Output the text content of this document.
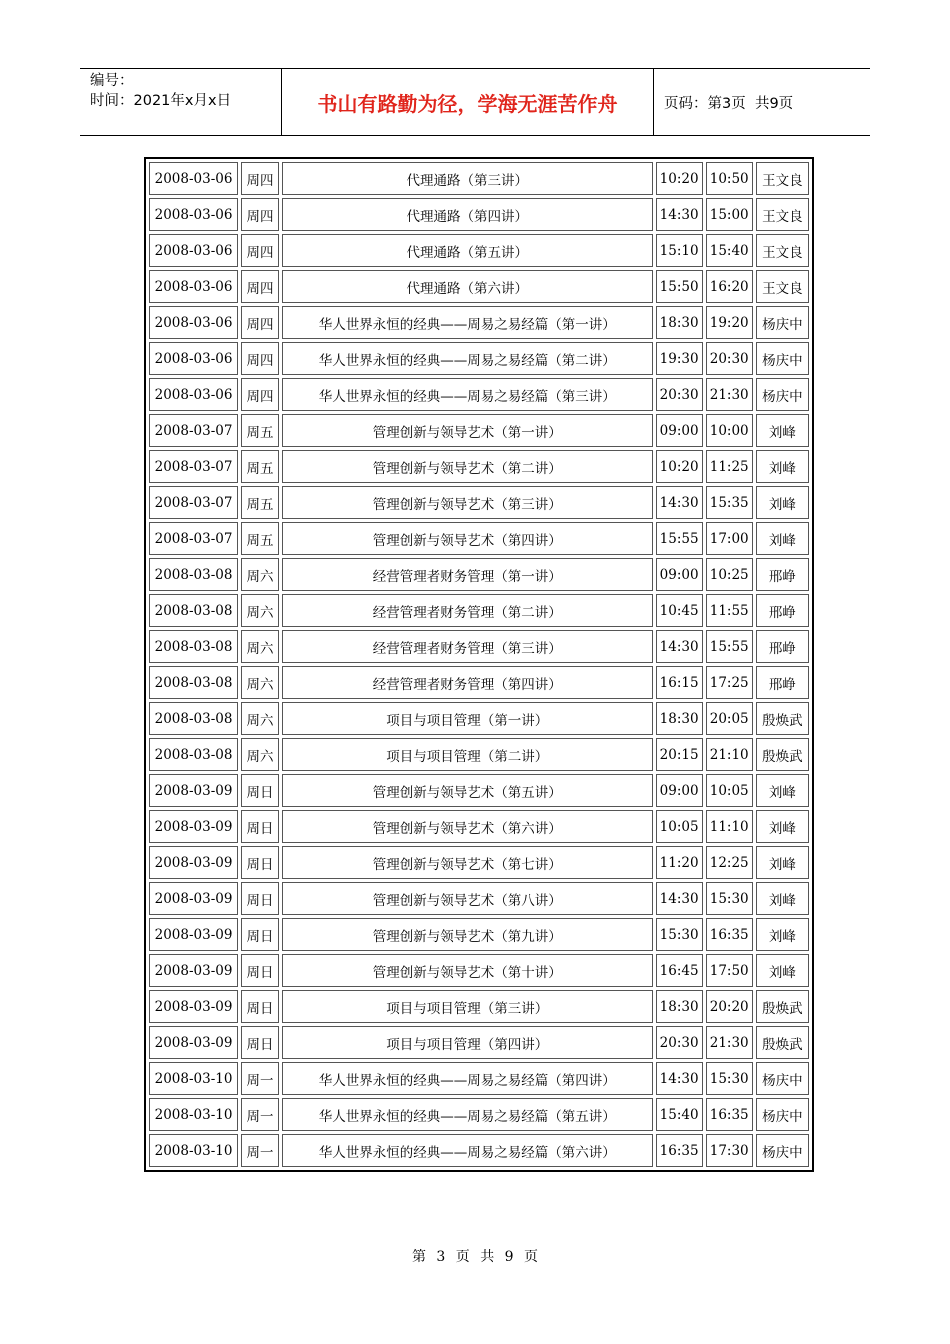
编号：
时间：2021年x月x日	书山有路勤为径，学海无涯苦作舟	页码：第3页  共9页
2008-03-06	周四	代理通路（第三讲）	10:20	10:50	王文良
2008-03-06	周四	代理通路（第四讲）	14:30	15:00	王文良
2008-03-06	周四	代理通路（第五讲）	15:10	15:40	王文良
2008-03-06	周四	代理通路（第六讲）	15:50	16:20	王文良
2008-03-06	周四	华人世界永恒的经典——周易之易经篇（第一讲）	18:30	19:20	杨庆中
2008-03-06	周四	华人世界永恒的经典——周易之易经篇（第二讲）	19:30	20:30	杨庆中
2008-03-06	周四	华人世界永恒的经典——周易之易经篇（第三讲）	20:30	21:30	杨庆中
2008-03-07	周五	管理创新与领导艺术（第一讲）	09:00	10:00	刘峰
2008-03-07	周五	管理创新与领导艺术（第二讲）	10:20	11:25	刘峰
2008-03-07	周五	管理创新与领导艺术（第三讲）	14:30	15:35	刘峰
2008-03-07	周五	管理创新与领导艺术（第四讲）	15:55	17:00	刘峰
2008-03-08	周六	经营管理者财务管理（第一讲）	09:00	10:25	邢峥
2008-03-08	周六	经营管理者财务管理（第二讲）	10:45	11:55	邢峥
2008-03-08	周六	经营管理者财务管理（第三讲）	14:30	15:55	邢峥
2008-03-08	周六	经营管理者财务管理（第四讲）	16:15	17:25	邢峥
2008-03-08	周六	项目与项目管理（第一讲）	18:30	20:05	殷焕武
2008-03-08	周六	项目与项目管理（第二讲）	20:15	21:10	殷焕武
2008-03-09	周日	管理创新与领导艺术（第五讲）	09:00	10:05	刘峰
2008-03-09	周日	管理创新与领导艺术（第六讲）	10:05	11:10	刘峰
2008-03-09	周日	管理创新与领导艺术（第七讲）	11:20	12:25	刘峰
2008-03-09	周日	管理创新与领导艺术（第八讲）	14:30	15:30	刘峰
2008-03-09	周日	管理创新与领导艺术（第九讲）	15:30	16:35	刘峰
2008-03-09	周日	管理创新与领导艺术（第十讲）	16:45	17:50	刘峰
2008-03-09	周日	项目与项目管理（第三讲）	18:30	20:20	殷焕武
2008-03-09	周日	项目与项目管理（第四讲）	20:30	21:30	殷焕武
2008-03-10	周一	华人世界永恒的经典——周易之易经篇（第四讲）	14:30	15:30	杨庆中
2008-03-10	周一	华人世界永恒的经典——周易之易经篇（第五讲）	15:40	16:35	杨庆中
2008-03-10	周一	华人世界永恒的经典——周易之易经篇（第六讲）	16:35	17:30	杨庆中
第 3 页 共 9 页
